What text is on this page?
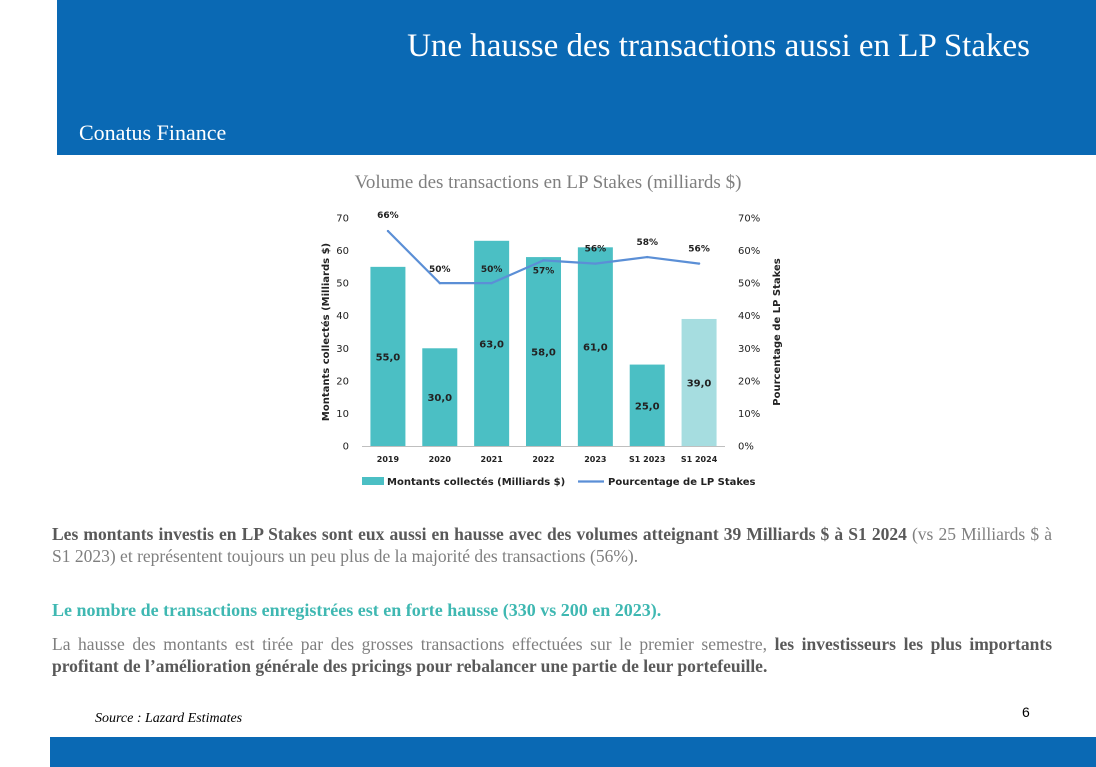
Une hausse des transactions aussi en LP Stakes
Conatus Finance
Volume des transactions en LP Stakes (milliards $)
0
10
20
30
40
50
60
70
0%
10%
20%
30%
40%
50%
60%
70%
Montants collectés (Milliards $)	Pourcentage de LP Stakes
55,0
30,0
63,0
58,0	61,0
25,0
39,0
2019	2020	2021	2022	2023	S1 2023 S1 2024
66%
50%	50%	57%
56%
58%
56%
Montants collectés (Milliards $)	Pourcentage de LP Stakes
Les montants investis en LP Stakes sont eux aussi en hausse avec des volumes atteignant 39 Milliards $ à S1 2024 (vs 25 Milliards $ à S1 2023) et représentent toujours un peu plus de la majorité des transactions (56%).
Le nombre de transactions enregistrées est en forte hausse (330 vs 200 en 2023).
La hausse des montants est tirée par des grosses transactions effectuées sur le premier semestre, les investisseurs les plus importants profitant de l’amélioration générale des pricings pour rebalancer une partie de leur portefeuille.
Source : Lazard Estimates	6
